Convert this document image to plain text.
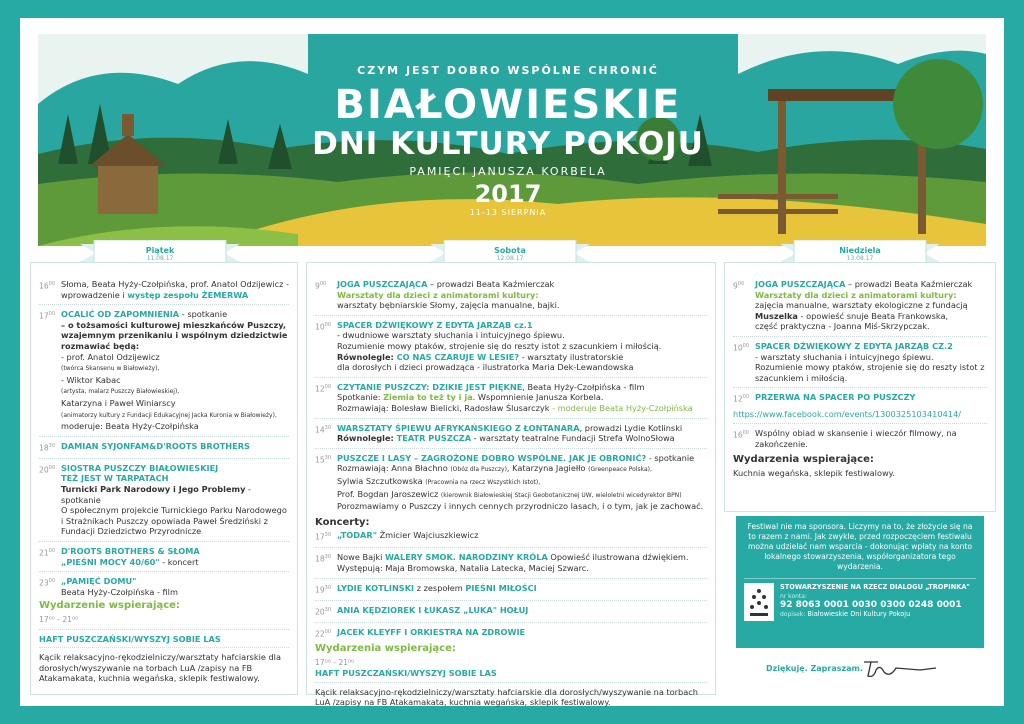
CZYM JEST DOBRO WSPÓLNE CHRONIĆ
BIAŁOWIESKIE
DNI KULTURY POKOJU
PAMIĘCI JANUSZA KORBELA
2017
11-13 SIERPNIA
Piątek
11.08.17
Sobota
12.08.17
Niedziela
13.08.17
$16^{00}$ Słoma, Beata Hyży-Czołpińska, prof. Anatol Odzijewicz - wprowadzenie i występ zespołu ŻEMERWA
$17^{00}$ OCALIĆ OD ZAPOMNIENIA - spotkanie
– o tożsamości kulturowej mieszkańców Puszczy, wzajemnym przenikaniu i wspólnym dziedzictwie rozmawiać będą:
- prof. Anatol Odzijewicz
(twórca Skansenu w Białowieży),
- Wiktor Kabac
(artysta, malarz Puszczy Białowieskiej),
Katarzyna i Paweł Winiarscy
(animatorzy kultury z Fundacji Edukacyjnej Jacka Kuronia w Białowieży),
moderuje: Beata Hyży-Czołpińska
$18^{30}$ DAMIAN SYJONFAM&D'ROOTS BROTHERS
$20^{00}$ SIOSTRA PUSZCZY BIAŁOWIESKIEJ
TEŻ JEST W TARPATACH
Turnicki Park Narodowy i Jego Problemy - spotkanie
O społecznym projekcie Turnickiego Parku Narodowego i Strażnikach Puszczy opowiada Paweł Średziński z Fundacji Dziedzictwo Przyrodnicze
$21^{00}$ D'ROOTS BROTHERS & SŁOMA
„PIEŚNI MOCY 40/60" - koncert
$23^{00}$ „PAMIĘĆ DOMU"
Beata Hyży-Czołpińska - film
Wydarzenie wspierające:
17⁰⁰ - 21⁰⁰
HAFT PUSZCZAŃSKI/WYSZYJ SOBIE LAS
Kącik relaksacyjno-rękodzielniczy/warsztaty hafciarskie dla dorosłych/wyszywanie na torbach LuA /zapisy na FB Atakamakata, kuchnia wegańska, sklepik festiwalowy.
$9^{00}$	JOGA PUSZCZAJĄCA – prowadzi Beata Kaźmierczak
Warsztaty dla dzieci z animatorami kultury:
warsztaty bębniarskie Słomy, zajęcia manualne, bajki.
$10^{00}$ SPACER DŹWIĘKOWY Z EDYTA JARZĄB cz.1
- dwudniowe warsztaty słuchania i intuicyjnego śpiewu.
Rozumienie mowy ptaków, strojenie się do reszty istot z szacunkiem i miłością.
Równolegle: CO NAS CZARUJE W LESIE? - warsztaty ilustratorskie
dla dorosłych i dzieci prowadząca - ilustratorka Maria Dek-Lewandowska
$12^{00}$ CZYTANIE PUSZCZY: DZIKIE JEST PIĘKNE, Beata Hyży-Czołpińska - film
Spotkanie: Ziemia to też ty i ja. Wspomnienie Janusza Korbela.
Rozmawiają: Bolesław Bielicki, Radosław Ślusarczyk - moderuje Beata Hyży-Czołpińska
$14^{30}$ WARSZTATY ŚPIEWU AFRYKAŃSKIEGO Z ŁONTANARA, prowadzi Lydie Kotlinski
Równolegle: TEATR PUSZCZA - warsztaty teatralne Fundacji Strefa WolnoSłowa
$15^{30}$ PUSZCZE I LASY – ZAGROŻONE DOBRO WSPÓLNE. JAK JE OBRONIĆ? - spotkanie
Rozmawiają: Anna Błachno (Obóz dla Puszczy), Katarzyna Jagiełło (Greenpeace Polska),
Sylwia Szczutkowska (Pracownia na rzecz Wszystkich Istot),
Prof. Bogdan Jaroszewicz (kierownik Białowieskiej Stacji Geobotanicznej UW, wieloletni wicedyrektor BPN)
Porozmawiamy o Puszczy i innych cennych przyrodniczo lasach, i o tym, jak je zachować.
Koncerty:
$17^{30}$ „TODAR" Žmicier Wajciuszkiewicz
$18^{30}$ Nowe Bajki WALERY SMOK. NARODZINY KRÓLA Opowieść ilustrowana dźwiękiem.
Występują: Maja Bromowska, Natalia Latecka, Maciej Szwarc.
$19^{30}$ LYDIE KOTLINSKI z zespołem PIEŚNI MIŁOŚCI
$20^{30}$ ANIA KĘDZIOREK I ŁUKASZ „LUKA" HOŁUJ
$22^{00}$ JACEK KLEYFF I ORKIESTRA NA ZDROWIE
Wydarzenia wspierające:
17⁰⁰ - 21⁰⁰
HAFT PUSZCZAŃSKI/WYSZYJ SOBIE LAS
Kącik relaksacyjno-rękodzielniczy/warsztaty hafciarskie dla dorosłych/wyszywanie na torbach LuA /zapisy na FB Atakamakata, kuchnia wegańska, sklepik festiwalowy.
$9^{00}$	JOGA PUSZCZAJĄCA – prowadzi Beata Kaźmierczak
Warsztaty dla dzieci z animatorami kultury:
zajęcia manualne, warsztaty ekologiczne z fundacją
Muszelka - opowieść snuje Beata Frankowska,
część praktyczna - Joanna Miś-Skrzypczak.
$10^{00}$ SPACER DŹWIĘKOWY Z EDYTA JARZĄB CZ.2
- warsztaty słuchania i intuicyjnego śpiewu.
Rozumienie mowy ptaków, strojenie się do reszty istot z szacunkiem i miłością.
$12^{00}$ PRZERWA NA SPACER PO PUSZCZY
https://www.facebook.com/events/1300325103410414/
$16^{00}$ Wspólny obiad w skansenie i wieczór filmowy, na zakończenie.
Wydarzenia wspierające:
Kuchnia wegańska, sklepik festiwalowy.
Festiwal nie ma sponsora. Liczymy na to, że złożycie się na to razem z nami. Jak zwykle, przed rozpoczęciem festiwalu można udzielać nam wsparcia - dokonując wpłaty na konto lokalnego stowarzyszenia, współorganizatora tego wydarzenia.
STOWARZYSZENIE NA RZECZ DIALOGU „TROPINKA"
nr konta:
92 8063 0001 0030 0300 0248 0001
dopisek: Białowieskie Dni Kultury Pokoju
Dziękuję. Zapraszam.
